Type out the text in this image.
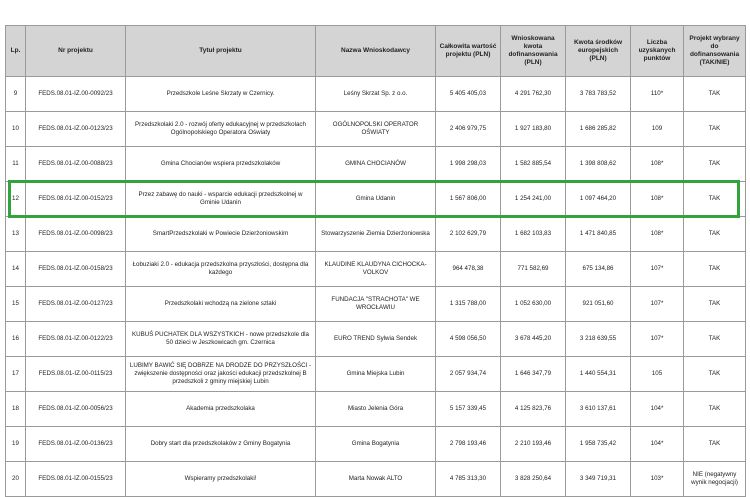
Lp.	Nr projektu	Tytuł projektu	Nazwa Wnioskodawcy	Całkowita wartość projektu (PLN)	Wnioskowana kwota dofinansowania (PLN)	Kwota środków europejskich (PLN)	Liczba uzyskanych punktów	Projekt wybrany do dofinansowania (TAK/NIE)
9	FEDS.08.01-IZ.00-0092/23	Przedszkole Leśne Skrzaty w Czernicy.	Leśny Skrzat Sp. z o.o.	5 405 405,03	4 291 762,30	3 783 783,52	110*	TAK
10	FEDS.08.01-IZ.00-0123/23	Przedszkolaki 2.0 - rozwój oferty edukacyjnej w przedszkolach Ogólnopolskiego Operatora Oświaty	OGÓLNOPOLSKI OPERATOR OŚWIATY	2 406 979,75	1 927 183,80	1 686 285,82	109	TAK
11	FEDS.08.01-IZ.00-0088/23	Gmina Chocianów wspiera przedszkolaków	GMINA CHOCIANÓW	1 998 298,03	1 582 885,54	1 398 808,62	108*	TAK
12	FEDS.08.01-IZ.00-0152/23	Przez zabawę do nauki - wsparcie edukacji przedszkolnej w Gminie Udanin	Gmina Udanin	1 567 806,00	1 254 241,00	1 097 464,20	108*	TAK
13	FEDS.08.01-IZ.00-0098/23	SmartPrzedszkolaki w Powiecie Dzierżoniowskim	Stowarzyszenie Ziemia Dzierżoniowska	2 102 629,79	1 682 103,83	1 471 840,85	108*	TAK
14	FEDS.08.01-IZ.00-0158/23	Łobuziaki 2.0 - edukacja przedszkolna przyszłości, dostępna dla każdego	KLAUDINE KLAUDYNA CICHOCKA-VOLKOV	964 478,38	771 582,69	675 134,86	107*	TAK
15	FEDS.08.01-IZ.00-0127/23	Przedszkolaki wchodzą na zielone szlaki	FUNDACJA "STRACHOTA" WE WROCŁAWIU	1 315 788,00	1 052 630,00	921 051,60	107*	TAK
16	FEDS.08.01-IZ.00-0122/23	KUBUŚ PUCHATEK DLA WSZYSTKICH - nowe przedszkole dla 50 dzieci w Jeszkowicach gm. Czernica	EURO TREND Sylwia Sendek	4 598 056,50	3 678 445,20	3 218 639,55	107*	TAK
17	FEDS.08.01-IZ.00-0115/23	LUBIMY BAWIĆ SIĘ DOBRZE NA DRODZE DO PRZYSZŁOŚCI - zwiększenie dostępności oraz jakości edukacji przedszkolnej B przedszkoli z gminy miejskiej Lubin	Gmina Miejska Lubin	2 057 934,74	1 646 347,79	1 440 554,31	105	TAK
18	FEDS.08.01-IZ.00-0056/23	Akademia przedszkolaka	Miasto Jelenia Góra	5 157 339,45	4 125 823,76	3 610 137,61	104*	TAK
19	FEDS.08.01-IZ.00-0136/23	Dobry start dla przedszkolaków z Gminy Bogatynia	Gmina Bogatynia	2 798 193,46	2 210 193,46	1 958 735,42	104*	TAK
20	FEDS.08.01-IZ.00-0155/23	Wspieramy przedszkolaki!	Marta Nowak ALTO	4 785 313,30	3 828 250,64	3 349 719,31	103*	NIE (negatywny wynik negocjacji)
